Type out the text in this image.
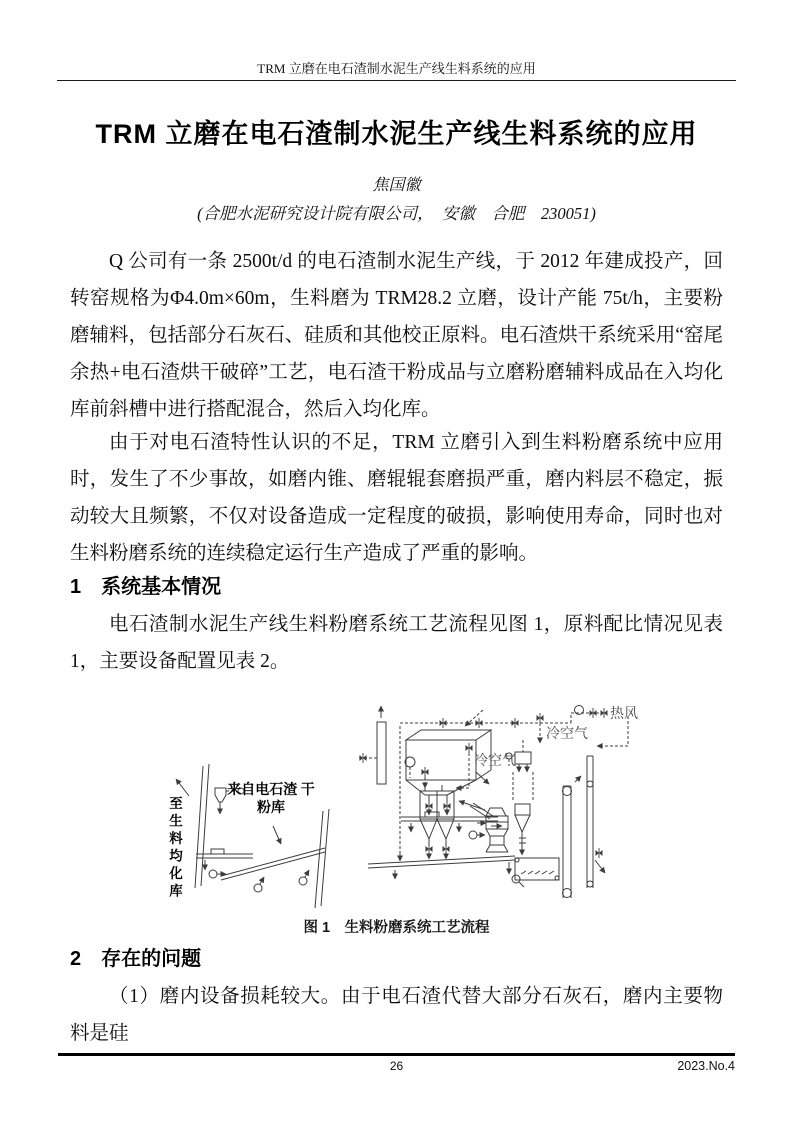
TRM 立磨在电石渣制水泥生产线生料系统的应用
TRM 立磨在电石渣制水泥生产线生料系统的应用
焦国徽
(合肥水泥研究设计院有限公司，　安徽　合肥　230051)

Q 公司有一条 2500t/d 的电石渣制水泥生产线，于 2012 年建成投产，回转窑规格为Φ4.0m×60m，生料磨为 TRM28.2 立磨，设计产能 75t/h，主要粉磨辅料，包括部分石灰石、硅质和其他校正原料。电石渣烘干系统采用“窑尾余热+电石渣烘干破碎”工艺，电石渣干粉成品与立磨粉磨辅料成品在入均化库前斜槽中进行搭配混合，然后入均化库。

由于对电石渣特性认识的不足，TRM 立磨引入到生料粉磨系统中应用时，发生了不少事故，如磨内锥、磨辊辊套磨损严重，磨内料层不稳定，振动较大且频繁，不仅对设备造成一定程度的破损，影响使用寿命，同时也对生料粉磨系统的连续稳定运行生产造成了严重的影响。

1　系统基本情况

电石渣制水泥生产线生料粉磨系统工艺流程见图 1，原料配比情况见表 1，主要设备配置见表 2。

至生料均化库
来自电石渣 干粉库
热风
冷空气
冷空气
图 1　生料粉磨系统工艺流程
2　存在的问题

（1）磨内设备损耗较大。由于电石渣代替大部分石灰石，磨内主要物料是硅

26	2023.No.4
